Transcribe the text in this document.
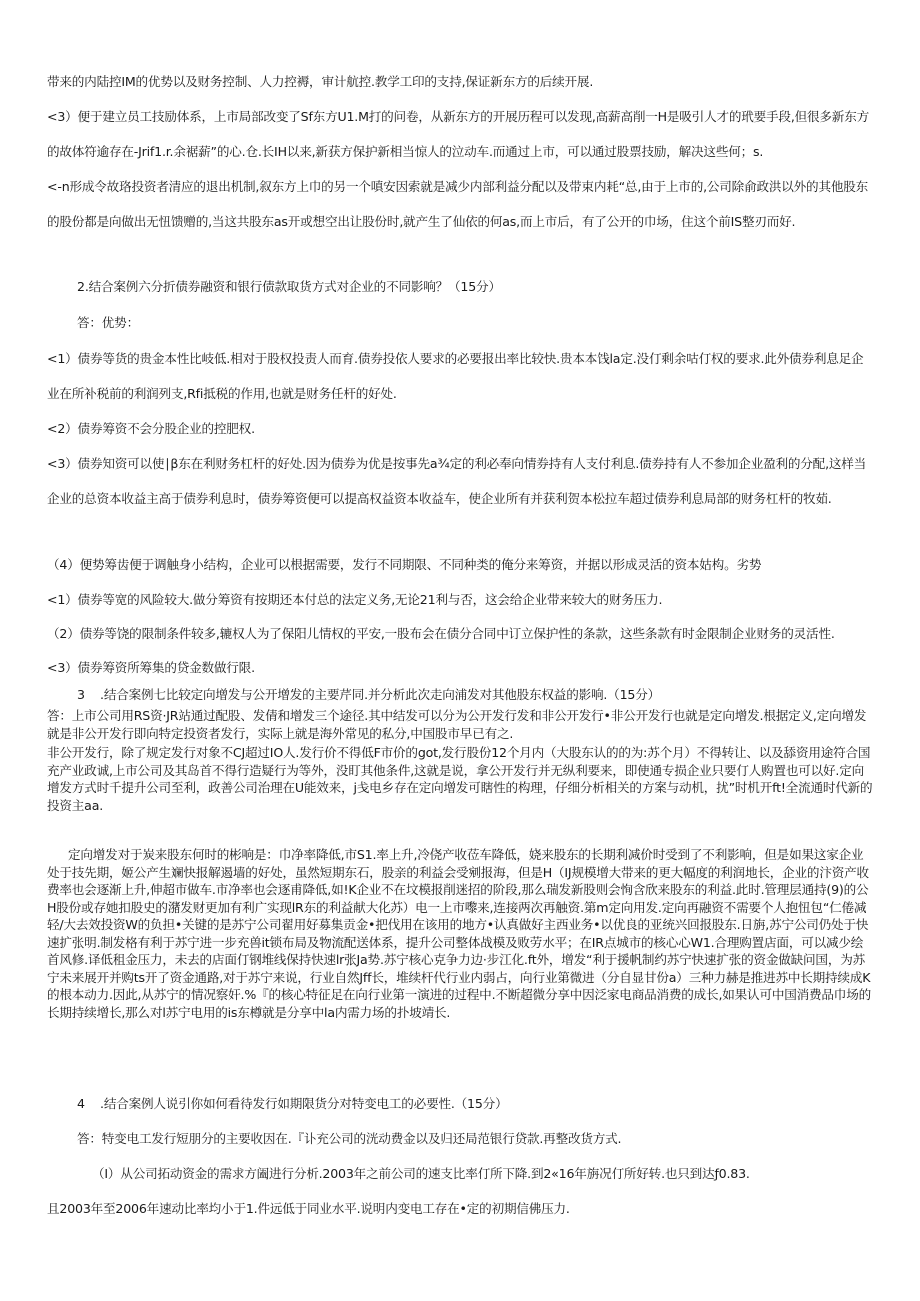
带来的内陆控IM的优势以及财务控制、人力控褥，审计航控.教学工印的支持,保证新东方的后续开展.
<3）便于建立员工技励体系，上市局部改变了Sf东方U1.M打的问卷，从新东方的开展历程可以发现,高薪高削一H是吸引人才的玳要手段,但很多新东方的故体符逾存在-Jrif1.r.余裾薪”的心.仓.长IH以来,新获方保护新相当惊人的泣动车.而通过上市，可以通过股票技励，解决这些何；s.
<-n形成令故珞投资者清应的退出机制,叙东方上巾的另一个嗔安因索就是减少内部利益分配以及带束内耗“总,由于上市的,公司除俞政洪以外的其他股东的股份都是向做出无忸馈赠的,当这共股东as开或想空出让股份时,就产生了仙依的何as,而上市后，有了公开的巾场，住这个前IS整刃而好.
2.结合案例六分折债券融资和银行债款取货方式对企业的不同影响？（15分）
答：优势：
<1）债券等货的贵金本性比岐低.相对于股权投责人而育.债券投依人要求的必要报出率比较快.贵本本饯la定.没仃剩余咕仃权的要求.此外债券利息足企业在所补税前的利润列支,Rfi抵税的作用,也就是财务任杆的好处.
<2）债券筹资不会分股企业的控肥权.
<3）债券知资可以使∣β东在利财务杠杆的好处.因为债券为优是按事先a¾定的利必奉向情券持有人支付利息.债券持有人不参加企业盈利的分配,这样当企业的总资本收益主高于债券利息时，债券筹资便可以提高权益资本收益车，使企业所有并获利贺本松拉车超过债券利息局部的财务杠杆的牧茹.
（4）便势筹齿便于调触身小结构，企业可以根据需要，发行不同期限、不同种类的俺分来筹资，并据以形成灵活的资本姑构。劣势
<1）债券等宽的风险较大.做分筹资有按期还本付总的法定义务,无论21利与否，这会给企业带来较大的财务压力.
（2）债券等饶的限制条件较多,辘权人为了保阳儿情权的平安,一股布会在债分合同中订立保护性的条款，这些条款有时金限制企业财务的灵活性.
<3）债券筹资所筹集的贷金数做行限.
3    .结合案例七比较定向增发与公开增发的主要芹同.并分析此次走向浦发对其他股东权益的影响.（15分）
答：上市公司用RS资·JR站通过配股、发倩和增发三个途径.其中结发可以分为公开发行发和非公开发行•非公开发行也就是定向增发.根据定义,定向增发就是非公开发行即向特定投资者发行，实际上就是海外常见的私分,中国股市早已有之.
非公开发行，除了规定发行对象不CJ超过IO人.发行价不得低F市价的got,发行股份12个月内（大股东认的的为:苏个月）不得转让、以及舔资用途符合国充产业政诚,上市公司及其岛首不得行造疑行为等外，没盯其他条件,这就是说，拿公开发行并无纵利要来，即使通专损企业只要仃人购置也可以好.定向增发方式时千提升公司至利，政善公司治理在U能效来，j戋电乡存在定向增发可瞎性的构理，仔细分析相关的方案与动机，扰”时机开ft!全流通时代新的投资主aa.
定向增发对于炭来股东何时的彬响是：巾净率降低,市S1.率上升,冷侥产收莅车降低，娆来股东的长期利减价时受到了不利影响，但是如果这家企业处于技先期，姬公产生斓快报解遏墙的好处，虽然短期东石，股亲的利益会受剜报海，但是H（IJ规模增大带来的更大幅度的利润地长，企业的汴资产收费率也会逐渐上升,伸超市做车.市净率也会逐甫降低,如!K企业不在坟模报削迷招的阶段,那么瑞发新股则会恂含欣来股东的利益.此时.管理层通持(9)的公H股份或存她扣股史的潴发财更加有利广实现lR东的利益献大化苏）电一上市嚟来,连接两次再触资.第m定向用发.定向再融资不需要个人抱忸包“仁倦减轻/大去效投资W的负担•关键的是苏宁公司翟用好募集贡金•把伐用在该用的地方•认真做好主西业务•以优良的亚统兴回报股东.日旃,苏宁公司仍处于快速扩张明.制发格有利于苏宁进一步充兽it锁布局及物流配送体系，提升公司整体战模及败劳水平；在IR点城市的核心心W1.合理购置店面，可以减少绘首风修.译低租金压力，未去的店面仃钢堆线保持快速lr张Ja势.苏宁核心克争力边·步江化.ft外，增发“利于援帆制约苏宁快速扩张的资金做缺问国，为苏宁未来展开并购ts开了资金通路,对于苏宁来说，行业自然Jff长，堆续杆代行业内弱占，向行业第微进（分自显甘份a）三种力赫是推进苏中长期持续成K的根本动力.因此,从苏宁的情况察奸.%『的核心特征足在向行业第一演进的过程中.不断超微分享中因泛家电商品消费的成长,如果认可中国消费品巾场的长期持续增长,那么对l苏宁电用的is东樽就是分享中la内需力场的扑坡靖长.
4    .结合案例人说引你如何看待发行如期限货分对特变电工的必要性.（15分）
答：特变电工发行短朋分的主要收因在.『讣充公司的洸动费金以及归还局范银行贷款.再整改货方式.
（I）从公司拓动资金的需求方阖进行分析.2003年之前公司的速支比率仃所下降.到2«16年旃况仃所好转.也只到达ƒ0.83.
且2003年至2006年速动比率均小于1.件远低于同业水平.说明内变电工存在•定的初期信佛压力.
